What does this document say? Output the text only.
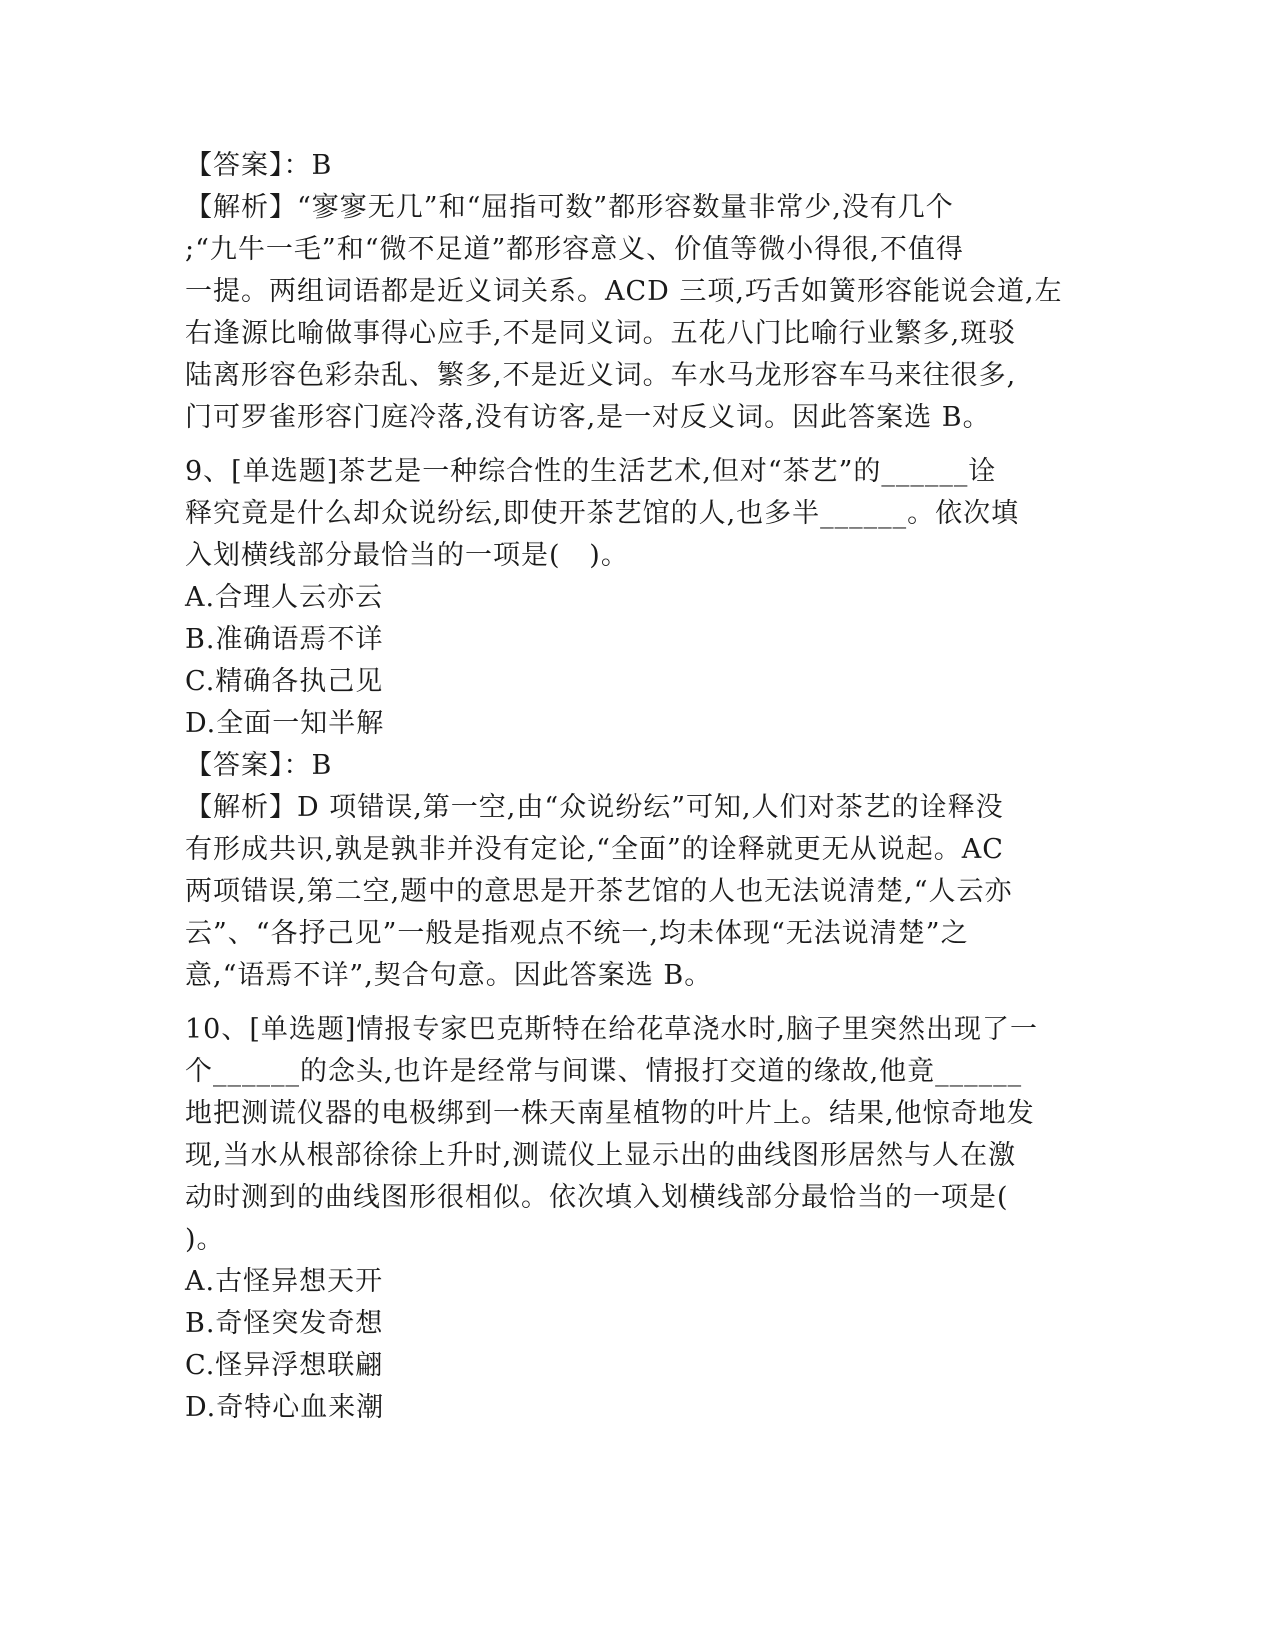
【答案】：B
【解析】“寥寥无几”和“屈指可数”都形容数量非常少,没有几个
;“九牛一毛”和“微不足道”都形容意义、价值等微小得很,不值得
一提。两组词语都是近义词关系。ACD 三项,巧舌如簧形容能说会道,左
右逢源比喻做事得心应手,不是同义词。五花八门比喻行业繁多,斑驳
陆离形容色彩杂乱、繁多,不是近义词。车水马龙形容车马来往很多,
门可罗雀形容门庭冷落,没有访客,是一对反义词。因此答案选 B。
9、[单选题]茶艺是一种综合性的生活艺术,但对“茶艺”的______诠
释究竟是什么却众说纷纭,即使开茶艺馆的人,也多半______。依次填
入划横线部分最恰当的一项是(   )。
A.合理人云亦云
B.准确语焉不详
C.精确各执己见
D.全面一知半解
【答案】：B
【解析】D 项错误,第一空,由“众说纷纭”可知,人们对茶艺的诠释没
有形成共识,孰是孰非并没有定论,“全面”的诠释就更无从说起。AC
两项错误,第二空,题中的意思是开茶艺馆的人也无法说清楚,“人云亦
云”、“各抒己见”一般是指观点不统一,均未体现“无法说清楚”之
意,“语焉不详”,契合句意。因此答案选 B。
10、[单选题]情报专家巴克斯特在给花草浇水时,脑子里突然出现了一
个______的念头,也许是经常与间谍、情报打交道的缘故,他竟______
地把测谎仪器的电极绑到一株天南星植物的叶片上。结果,他惊奇地发
现,当水从根部徐徐上升时,测谎仪上显示出的曲线图形居然与人在激
动时测到的曲线图形很相似。依次填入划横线部分最恰当的一项是(
)。
A.古怪异想天开
B.奇怪突发奇想
C.怪异浮想联翩
D.奇特心血来潮
